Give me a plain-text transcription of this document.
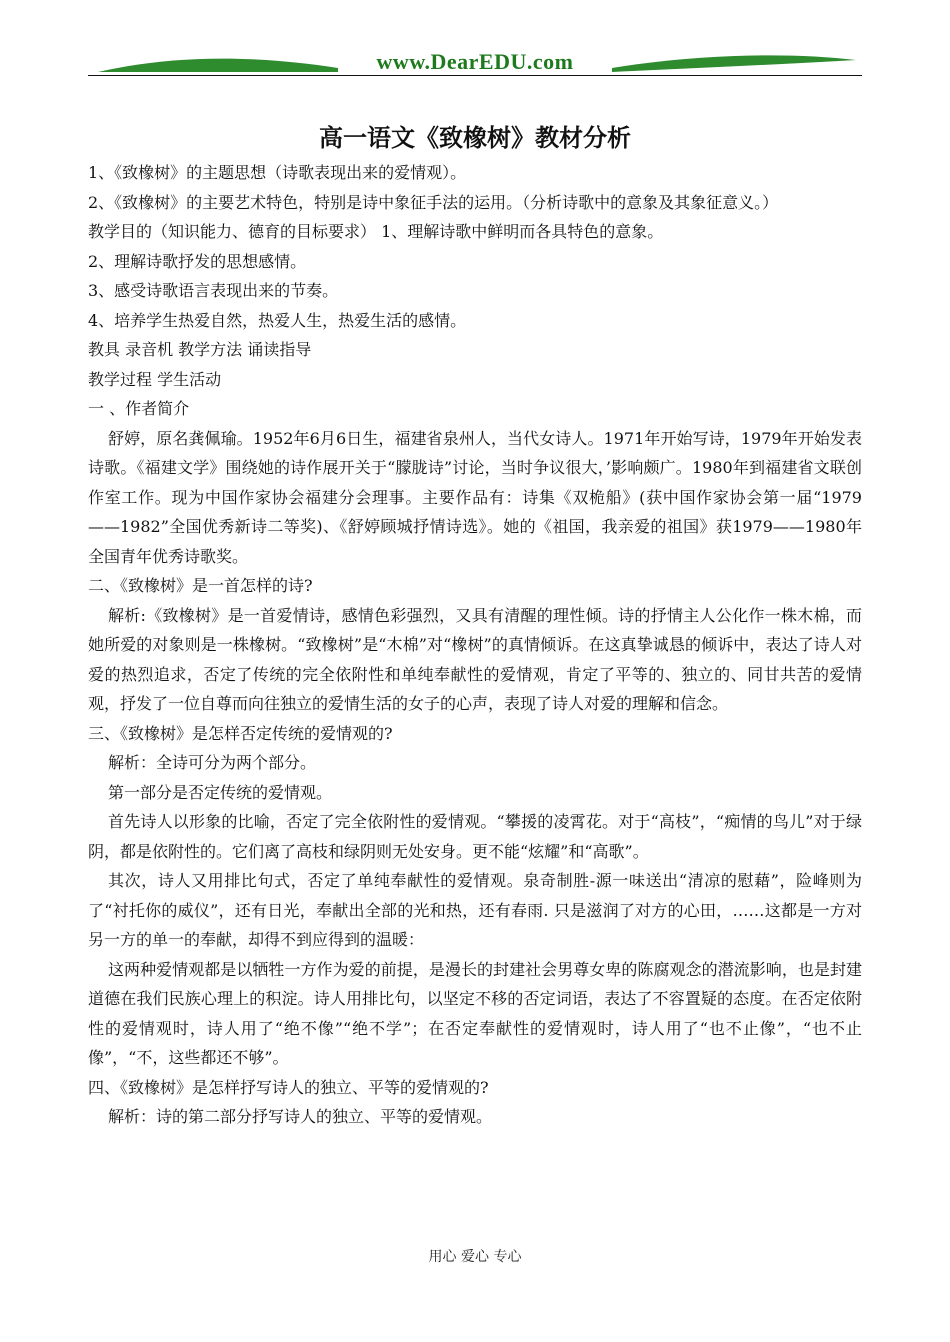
www.DearEDU.com
高一语文《致橡树》教材分析

1、《致橡树》的主题思想（诗歌表现出来的爱情观）。

2、《致橡树》的主要艺术特色，特别是诗中象征手法的运用。（分析诗歌中的意象及其象征意义。）

教学目的（知识能力、德育的目标要求） 1、理解诗歌中鲜明而各具特色的意象。

2、理解诗歌抒发的思想感情。

3、感受诗歌语言表现出来的节奏。

4、培养学生热爱自然，热爱人生，热爱生活的感情。

教具 录音机 教学方法 诵读指导

教学过程 学生活动

一 、作者简介

舒婷，原名龚佩瑜。1952年6月6日生，福建省泉州人，当代女诗人。1971年开始写诗，1979年开始发表诗歌。《福建文学》围绕她的诗作展开关于“朦胧诗”讨论，当时争议很大，’影响颇广。1980年到福建省文联创作室工作。现为中国作家协会福建分会理事。主要作品有：诗集《双桅船》(获中国作家协会第一届“1979——1982”全国优秀新诗二等奖)、《舒婷顾城抒情诗选》。她的《祖国，我亲爱的祖国》获1979——1980年全国青年优秀诗歌奖。

二、《致橡树》是一首怎样的诗?

解析:《致橡树》是一首爱情诗，感情色彩强烈，又具有清醒的理性倾。诗的抒情主人公化作一株木棉，而她所爱的对象则是一株橡树。“致橡树”是“木棉”对“橡树”的真情倾诉。在这真挚诚恳的倾诉中，表达了诗人对爱的热烈追求，否定了传统的完全依附性和单纯奉献性的爱情观，肯定了平等的、独立的、同甘共苦的爱情观，抒发了一位自尊而向往独立的爱情生活的女子的心声，表现了诗人对爱的理解和信念。

三、《致橡树》是怎样否定传统的爱情观的?

解析：全诗可分为两个部分。

第一部分是否定传统的爱情观。

首先诗人以形象的比喻，否定了完全依附性的爱情观。“攀援的凌霄花。对于“高枝”，“痴情的鸟儿”对于绿阴，都是依附性的。它们离了高枝和绿阴则无处安身。更不能“炫耀”和“高歌”。

其次，诗人又用排比句式，否定了单纯奉献性的爱情观。泉奇制胜-源一味送出“清凉的慰藉”，险峰则为了“衬托你的威仪”，还有日光，奉献出全部的光和热，还有春雨. 只是滋润了对方的心田，……这都是一方对另一方的单一的奉献，却得不到应得到的温暖：

这两种爱情观都是以牺牲一方作为爱的前提，是漫长的封建社会男尊女卑的陈腐观念的潜流影响，也是封建道德在我们民族心理上的积淀。诗人用排比句，以坚定不移的否定词语，表达了不容置疑的态度。在否定依附性的爱情观时，诗人用了“绝不像”“绝不学”；在否定奉献性的爱情观时，诗人用了“也不止像”，“也不止像”，“不，这些都还不够”。

四、《致橡树》是怎样抒写诗人的独立、平等的爱情观的?

解析：诗的第二部分抒写诗人的独立、平等的爱情观。

用心 爱心 专心
